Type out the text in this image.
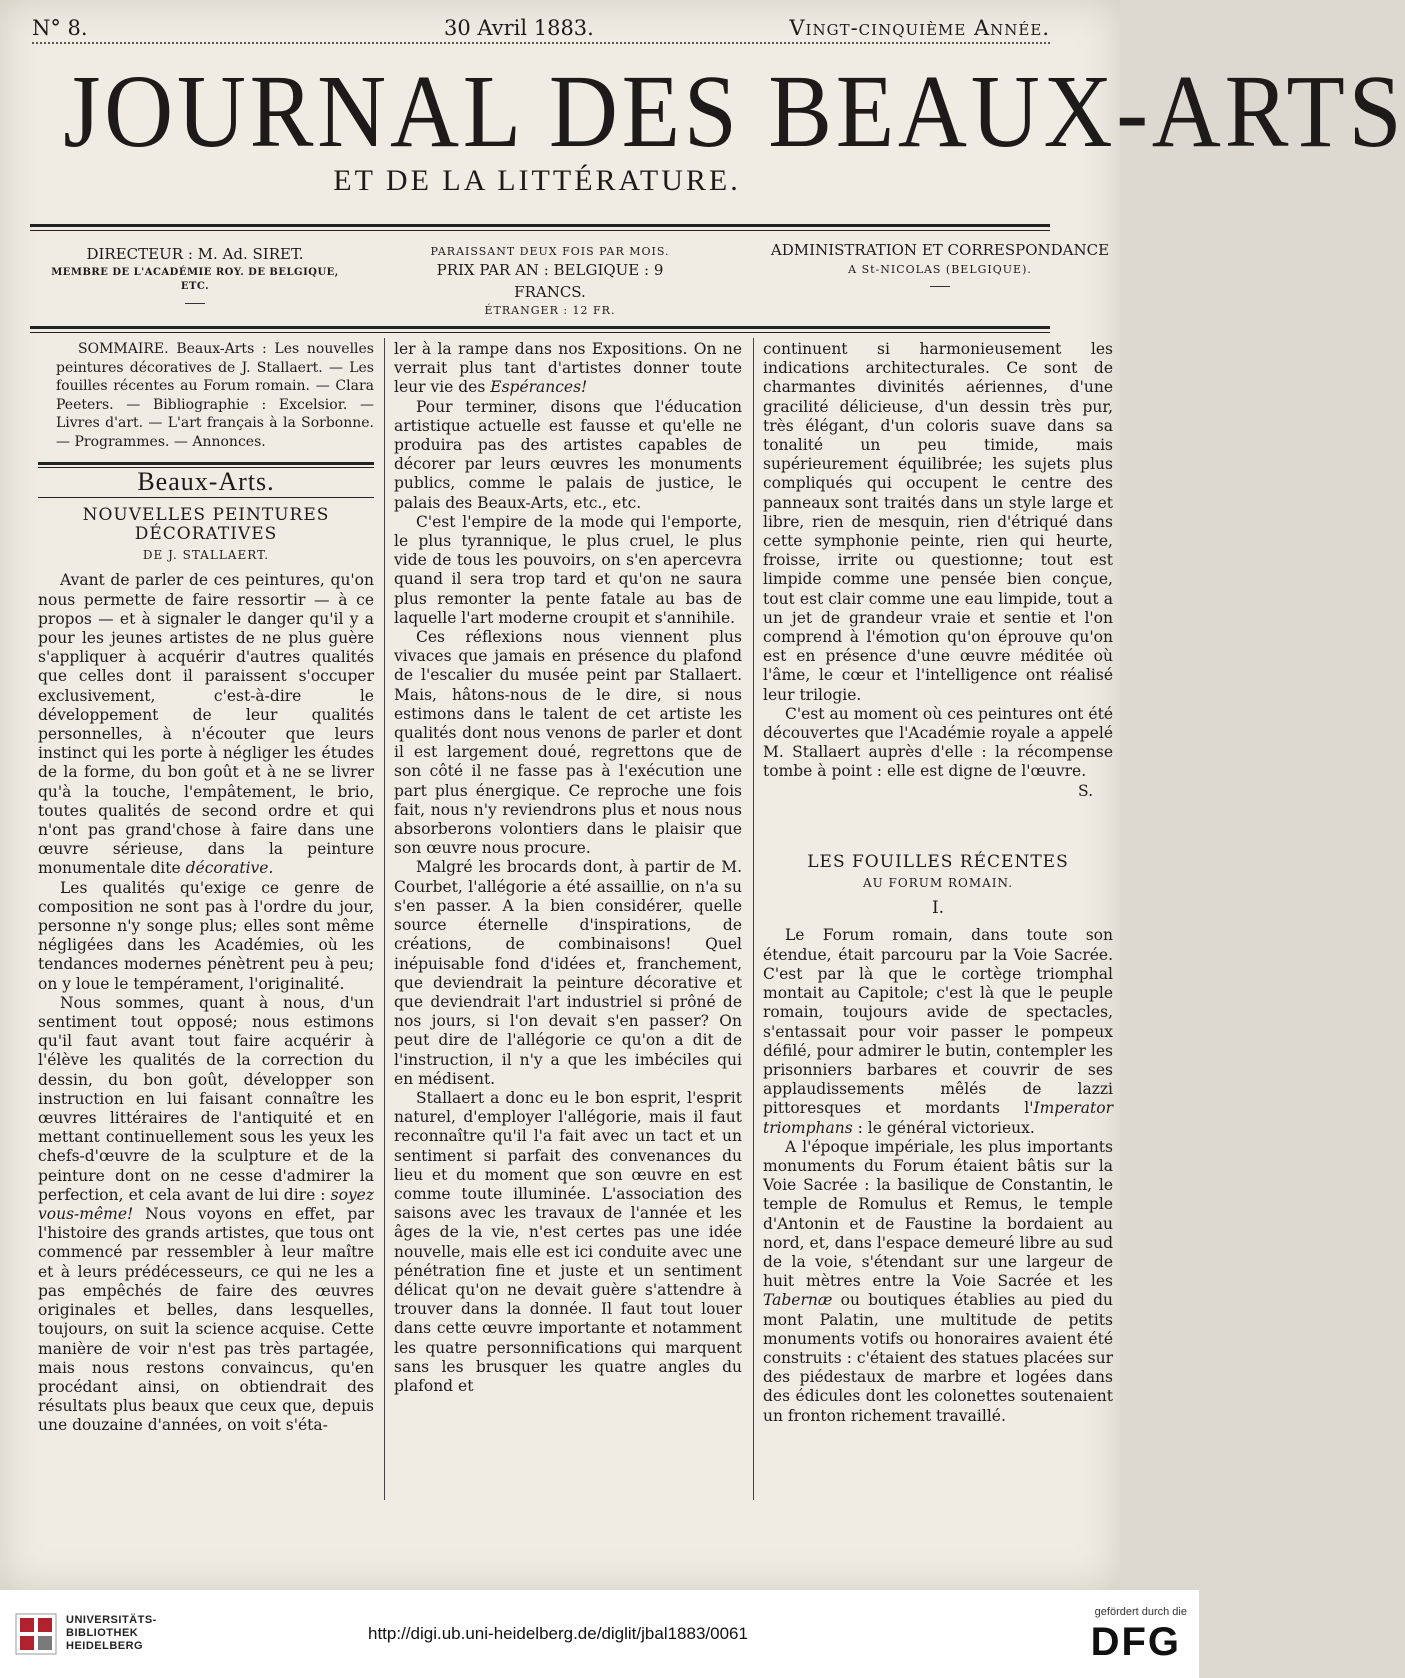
N° 8.	30 Avril 1883.	Vingt-cinquième Année.
JOURNAL DES BEAUX-ARTS
ET DE LA LITTÉRATURE.
DIRECTEUR : M. Ad. SIRET.
MEMBRE DE L'ACADÉMIE ROY. DE BELGIQUE, ETC.
PARAISSANT DEUX FOIS PAR MOIS.
PRIX PAR AN : BELGIQUE : 9 FRANCS.
ÉTRANGER : 12 FR.
ADMINISTRATION ET CORRESPONDANCE
A St-NICOLAS (BELGIQUE).

SOMMAIRE. Beaux-Arts : Les nouvelles peintures décoratives de J. Stallaert. — Les fouilles récentes au Forum romain. — Clara Peeters. — Bibliographie : Excelsior. — Livres d'art. — L'art français à la Sorbonne. — Programmes. — Annonces.

Beaux-Arts.
NOUVELLES PEINTURES DÉCORATIVES
DE J. STALLAERT.

Avant de parler de ces peintures, qu'on nous permette de faire ressortir — à ce propos — et à signaler le danger qu'il y a pour les jeunes artistes de ne plus guère s'appliquer à acquérir d'autres qualités que celles dont il paraissent s'occuper exclusivement, c'est-à-dire le développement de leur qualités personnelles, à n'écouter que leurs instinct qui les porte à négliger les études de la forme, du bon goût et à ne se livrer qu'à la touche, l'empâtement, le brio, toutes qualités de second ordre et qui n'ont pas grand'chose à faire dans une œuvre sérieuse, dans la peinture monumentale dite décorative.

Les qualités qu'exige ce genre de composition ne sont pas à l'ordre du jour, personne n'y songe plus; elles sont même négligées dans les Académies, où les tendances modernes pénètrent peu à peu; on y loue le tempérament, l'originalité.

Nous sommes, quant à nous, d'un sentiment tout opposé; nous estimons qu'il faut avant tout faire acquérir à l'élève les qualités de la correction du dessin, du bon goût, développer son instruction en lui faisant connaître les œuvres littéraires de l'antiquité et en mettant continuellement sous les yeux les chefs-d'œuvre de la sculpture et de la peinture dont on ne cesse d'admirer la perfection, et cela avant de lui dire : soyez vous-même! Nous voyons en effet, par l'histoire des grands artistes, que tous ont commencé par ressembler à leur maître et à leurs prédécesseurs, ce qui ne les a pas empêchés de faire des œuvres originales et belles, dans lesquelles, toujours, on suit la science acquise. Cette manière de voir n'est pas très partagée, mais nous restons convaincus, qu'en procédant ainsi, on obtiendrait des résultats plus beaux que ceux que, depuis une douzaine d'années, on voit s'éta-

ler à la rampe dans nos Expositions. On ne verrait plus tant d'artistes donner toute leur vie des Espérances!

Pour terminer, disons que l'éducation artistique actuelle est fausse et qu'elle ne produira pas des artistes capables de décorer par leurs œuvres les monuments publics, comme le palais de justice, le palais des Beaux-Arts, etc., etc.

C'est l'empire de la mode qui l'emporte, le plus tyrannique, le plus cruel, le plus vide de tous les pouvoirs, on s'en apercevra quand il sera trop tard et qu'on ne saura plus remonter la pente fatale au bas de laquelle l'art moderne croupit et s'annihile.

Ces réflexions nous viennent plus vivaces que jamais en présence du plafond de l'escalier du musée peint par Stallaert. Mais, hâtons-nous de le dire, si nous estimons dans le talent de cet artiste les qualités dont nous venons de parler et dont il est largement doué, regrettons que de son côté il ne fasse pas à l'exécution une part plus énergique. Ce reproche une fois fait, nous n'y reviendrons plus et nous nous absorberons volontiers dans le plaisir que son œuvre nous procure.

Malgré les brocards dont, à partir de M. Courbet, l'allégorie a été assaillie, on n'a su s'en passer. A la bien considérer, quelle source éternelle d'inspirations, de créations, de combinaisons! Quel inépuisable fond d'idées et, franchement, que deviendrait la peinture décorative et que deviendrait l'art industriel si prôné de nos jours, si l'on devait s'en passer? On peut dire de l'allégorie ce qu'on a dit de l'instruction, il n'y a que les imbéciles qui en médisent.

Stallaert a donc eu le bon esprit, l'esprit naturel, d'employer l'allégorie, mais il faut reconnaître qu'il l'a fait avec un tact et un sentiment si parfait des convenances du lieu et du moment que son œuvre en est comme toute illuminée. L'association des saisons avec les travaux de l'année et les âges de la vie, n'est certes pas une idée nouvelle, mais elle est ici conduite avec une pénétration fine et juste et un sentiment délicat qu'on ne devait guère s'attendre à trouver dans la donnée. Il faut tout louer dans cette œuvre importante et notamment les quatre personnifications qui marquent sans les brusquer les quatre angles du plafond et

continuent si harmonieusement les indications architecturales. Ce sont de charmantes divinités aériennes, d'une gracilité délicieuse, d'un dessin très pur, très élégant, d'un coloris suave dans sa tonalité un peu timide, mais supérieurement équilibrée; les sujets plus compliqués qui occupent le centre des panneaux sont traités dans un style large et libre, rien de mesquin, rien d'étriqué dans cette symphonie peinte, rien qui heurte, froisse, irrite ou questionne; tout est limpide comme une pensée bien conçue, tout est clair comme une eau limpide, tout a un jet de grandeur vraie et sentie et l'on comprend à l'émotion qu'on éprouve qu'on est en présence d'une œuvre méditée où l'âme, le cœur et l'intelligence ont réalisé leur trilogie.

C'est au moment où ces peintures ont été découvertes que l'Académie royale a appelé M. Stallaert auprès d'elle : la récompense tombe à point : elle est digne de l'œuvre.

S.

LES FOUILLES RÉCENTES
AU FORUM ROMAIN.
I.

Le Forum romain, dans toute son étendue, était parcouru par la Voie Sacrée. C'est par là que le cortège triomphal montait au Capitole; c'est là que le peuple romain, toujours avide de spectacles, s'entassait pour voir passer le pompeux défilé, pour admirer le butin, contempler les prisonniers barbares et couvrir de ses applaudissements mêlés de lazzi pittoresques et mordants l'Imperator triomphans : le général victorieux.

A l'époque impériale, les plus importants monuments du Forum étaient bâtis sur la Voie Sacrée : la basilique de Constantin, le temple de Romulus et Remus, le temple d'Antonin et de Faustine la bordaient au nord, et, dans l'espace demeuré libre au sud de la voie, s'étendant sur une largeur de huit mètres entre la Voie Sacrée et les Tabernæ ou boutiques établies au pied du mont Palatin, une multitude de petits monuments votifs ou honoraires avaient été construits : c'étaient des statues placées sur des piédestaux de marbre et logées dans des édicules dont les colonettes soutenaient un fronton richement travaillé.

UNIVERSITÄTS-
BIBLIOTHEK
HEIDELBERG
http://digi.ub.uni-heidelberg.de/diglit/jbal1883/0061
gefördert durch die
DFG
